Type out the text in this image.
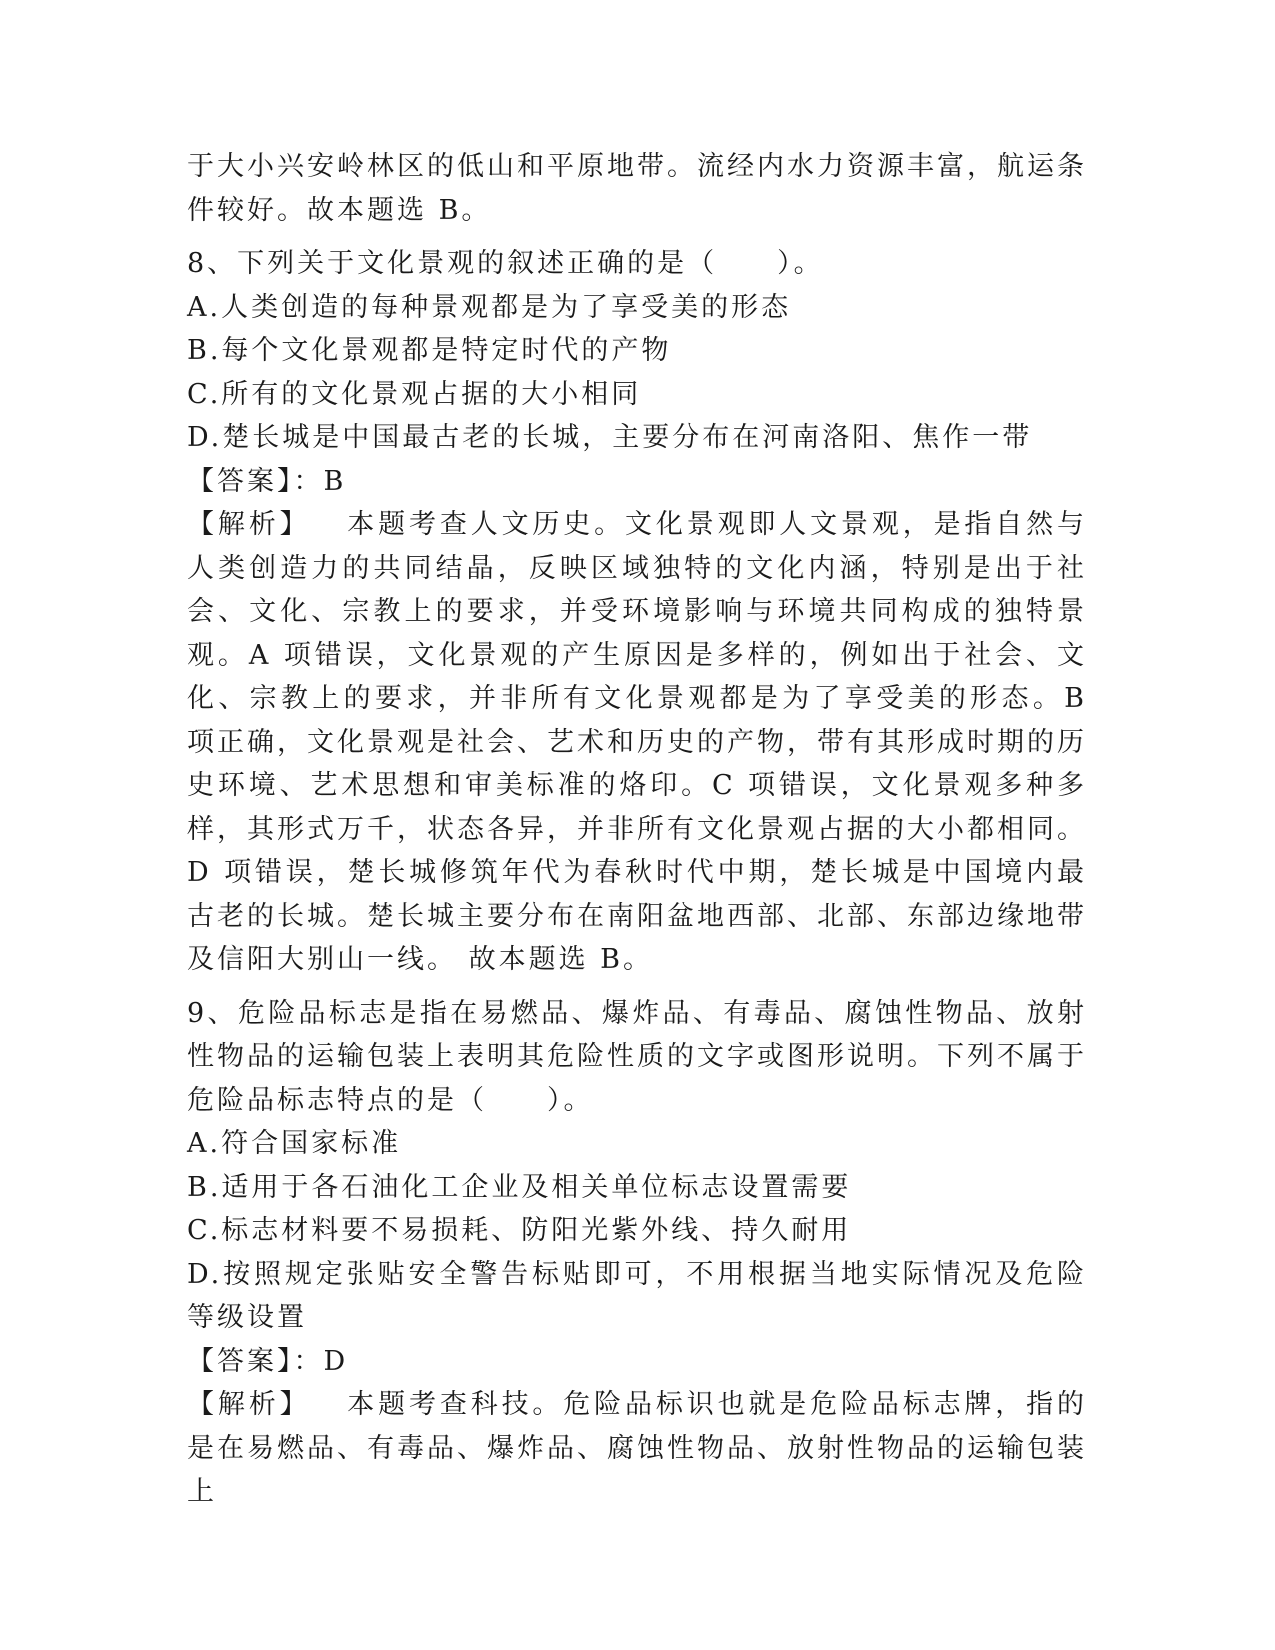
于大小兴安岭林区的低山和平原地带。流经内水力资源丰富，航运条件较好。故本题选 B。

8、下列关于文化景观的叙述正确的是（　　）。

A.人类创造的每种景观都是为了享受美的形态

B.每个文化景观都是特定时代的产物

C.所有的文化景观占据的大小相同

D.楚长城是中国最古老的长城，主要分布在河南洛阳、焦作一带

【答案】：B

【解析】 本题考查人文历史。文化景观即人文景观，是指自然与人类创造力的共同结晶，反映区域独特的文化内涵，特别是出于社会、文化、宗教上的要求，并受环境影响与环境共同构成的独特景观。A 项错误，文化景观的产生原因是多样的，例如出于社会、文化、宗教上的要求，并非所有文化景观都是为了享受美的形态。B 项正确，文化景观是社会、艺术和历史的产物，带有其形成时期的历史环境、艺术思想和审美标准的烙印。C 项错误，文化景观多种多样，其形式万千，状态各异，并非所有文化景观占据的大小都相同。D 项错误，楚长城修筑年代为春秋时代中期，楚长城是中国境内最古老的长城。楚长城主要分布在南阳盆地西部、北部、东部边缘地带及信阳大别山一线。 故本题选 B。

9、危险品标志是指在易燃品、爆炸品、有毒品、腐蚀性物品、放射性物品的运输包装上表明其危险性质的文字或图形说明。下列不属于危险品标志特点的是（　　）。

A.符合国家标准

B.适用于各石油化工企业及相关单位标志设置需要

C.标志材料要不易损耗、防阳光紫外线、持久耐用

D.按照规定张贴安全警告标贴即可，不用根据当地实际情况及危险等级设置

【答案】：D

【解析】 本题考查科技。危险品标识也就是危险品标志牌，指的是在易燃品、有毒品、爆炸品、腐蚀性物品、放射性物品的运输包装上
